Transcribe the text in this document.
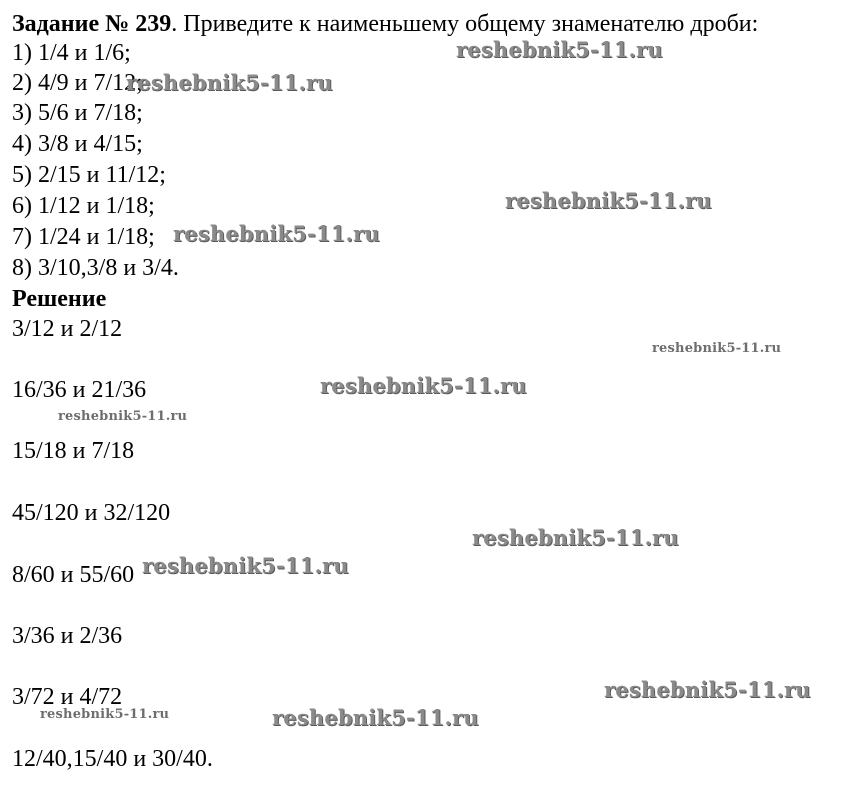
Задание № 239. Приведите к наименьшему общему знаменателю дроби:
1) 1/4 и 1/6;
2) 4/9 и 7/12;
3) 5/6 и 7/18;
4) 3/8 и 4/15;
5) 2/15 и 11/12;
6) 1/12 и 1/18;
7) 1/24 и 1/18;
8) 3/10,3/8 и 3/4.
Решение
3/12 и 2/12
16/36 и 21/36
15/18 и 7/18
45/120 и 32/120
8/60 и 55/60
3/36 и 2/36
3/72 и 4/72
12/40,15/40 и 30/40.
reshebnik5-11.ru
reshebnik5-11.ru
reshebnik5-11.ru
reshebnik5-11.ru
reshebnik5-11.ru
reshebnik5-11.ru
reshebnik5-11.ru
reshebnik5-11.ru
reshebnik5-11.ru
reshebnik5-11.ru
reshebnik5-11.ru	reshebnik5-11.ru
